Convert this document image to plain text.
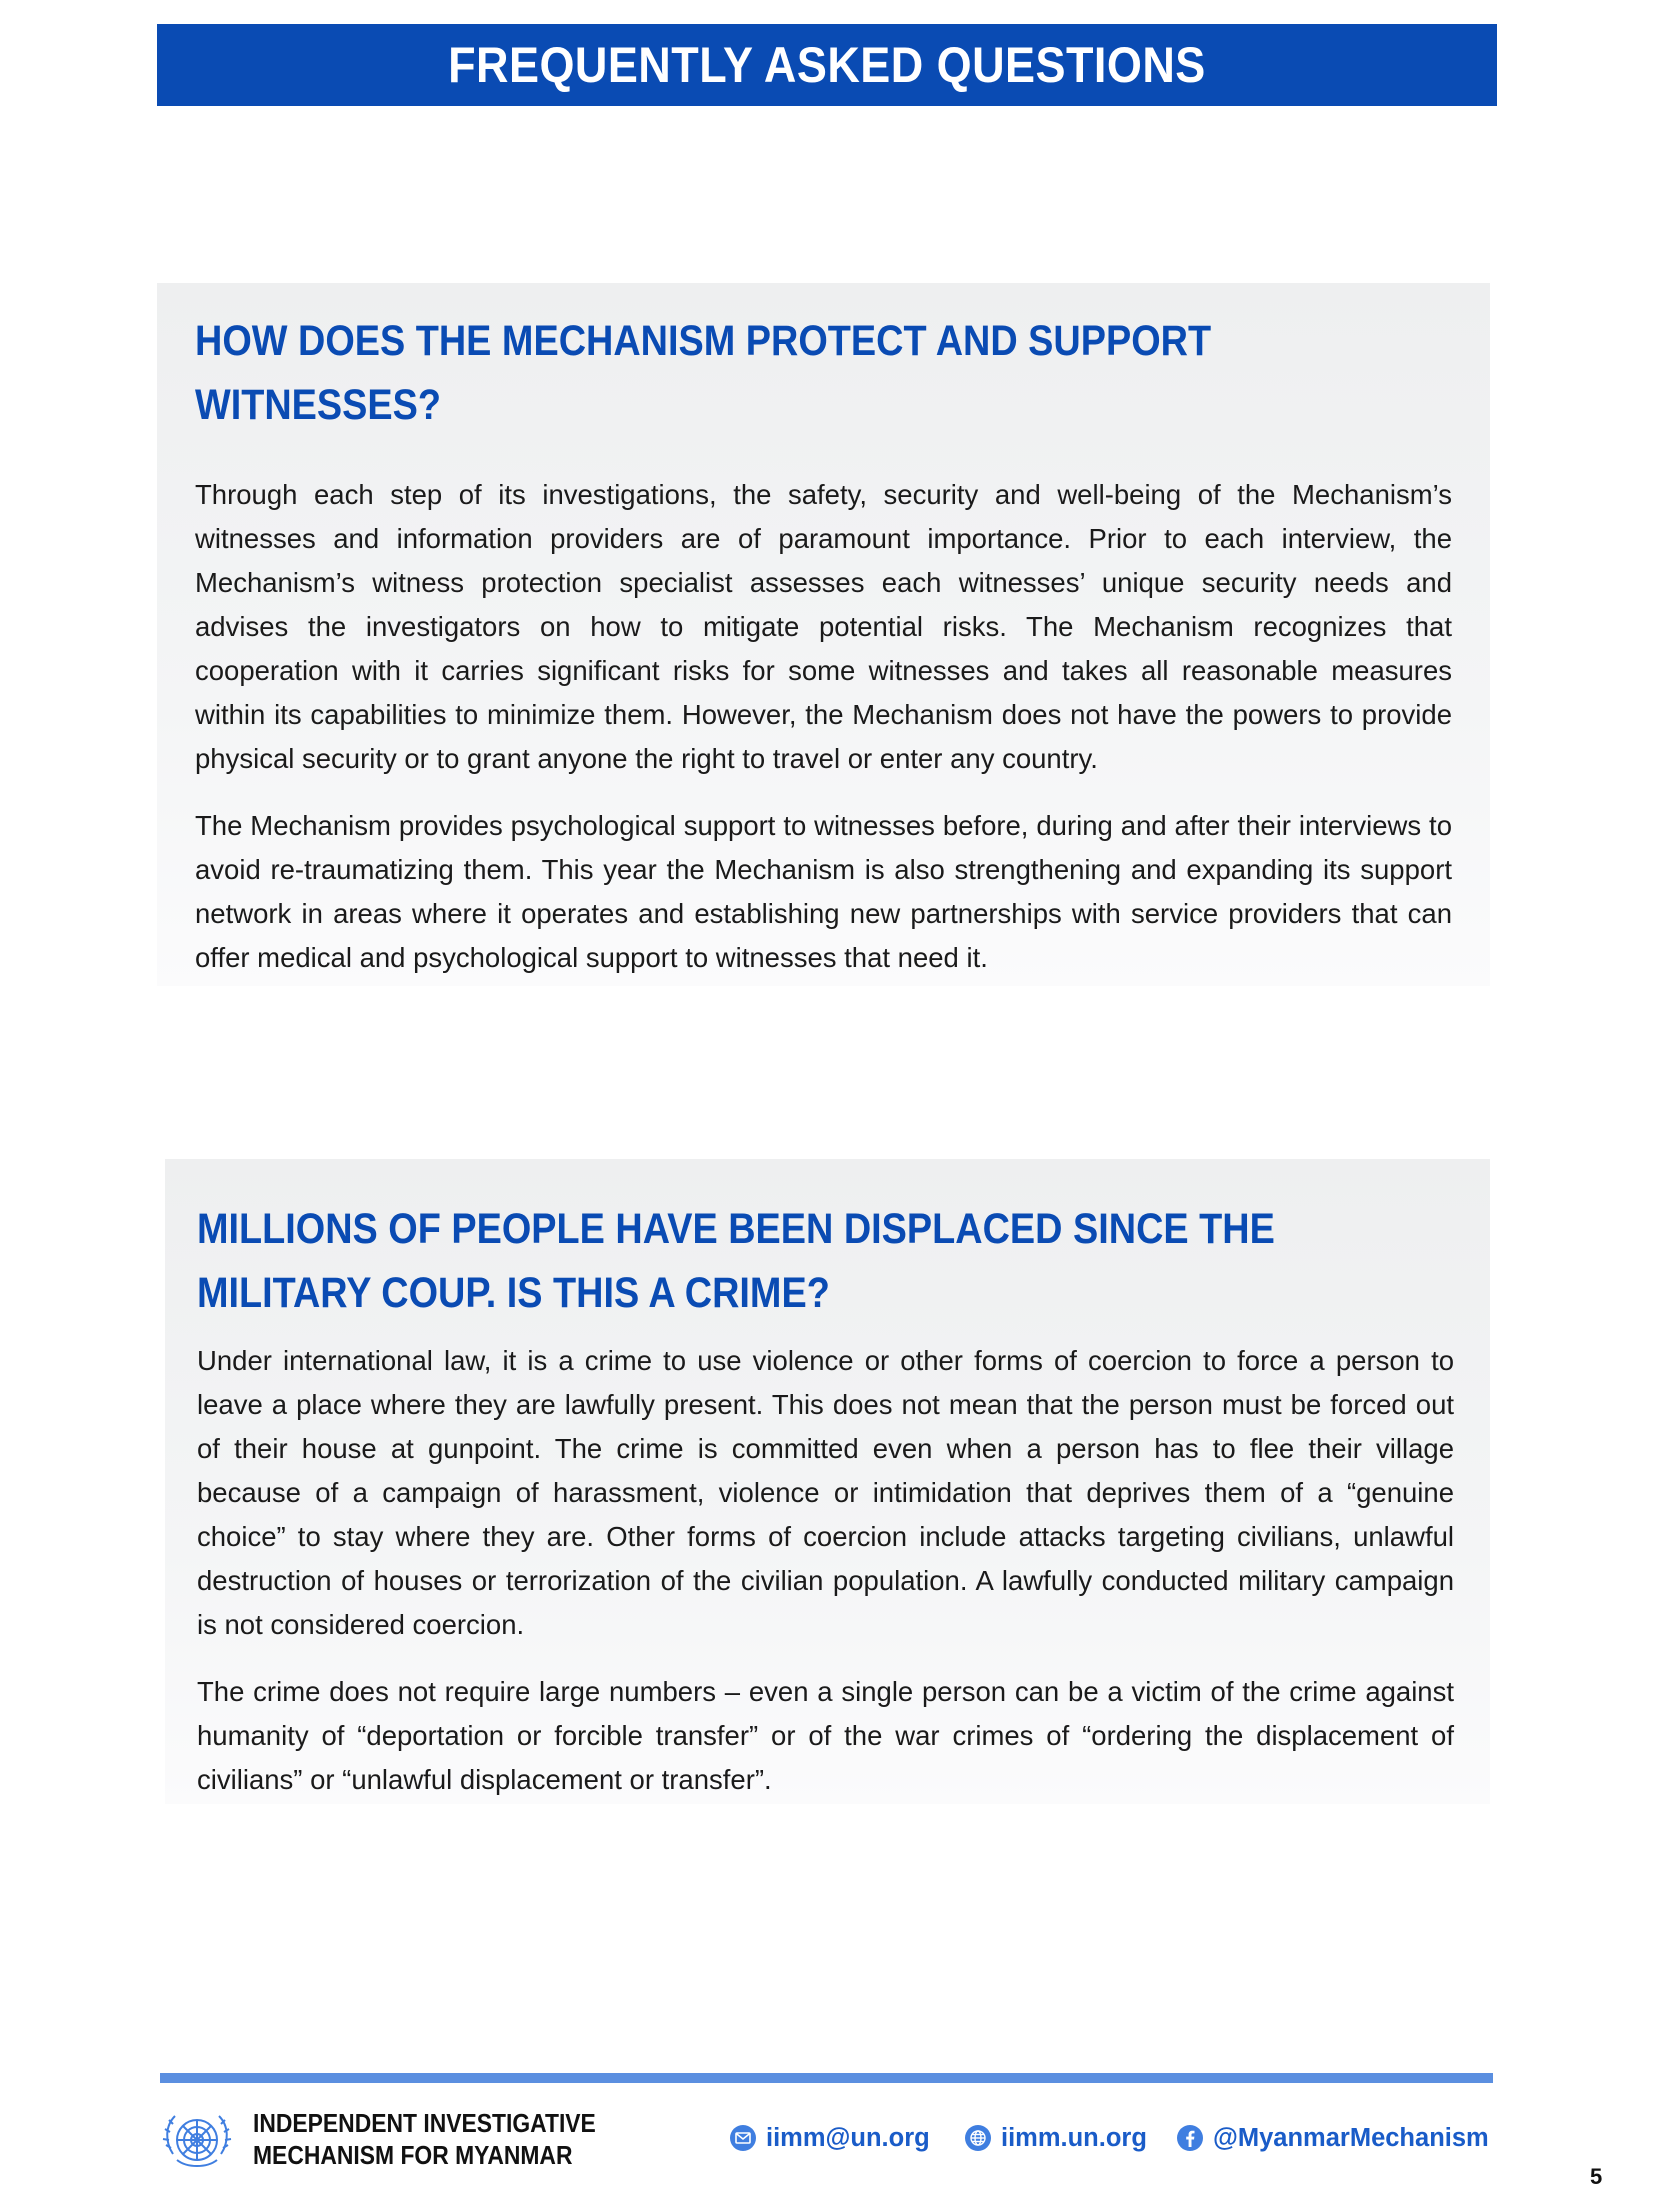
FREQUENTLY ASKED QUESTIONS
HOW DOES THE MECHANISM PROTECT AND SUPPORT WITNESSES?

Through each step of its investigations, the safety, security and well-being of the Mechanism’s witnesses and information providers are of paramount importance. Prior to each interview, the Mechanism’s witness protection specialist assesses each witnesses’ unique security needs and advises the investigators on how to mitigate potential risks. The Mechanism recognizes that cooperation with it carries significant risks for some witnesses and takes all reasonable measures within its capabilities to minimize them. However, the Mechanism does not have the powers to provide physical security or to grant anyone the right to travel or enter any country.

The Mechanism provides psychological support to witnesses before, during and after their interviews to avoid re-traumatizing them. This year the Mechanism is also strengthening and expanding its support network in areas where it operates and establishing new partnerships with service providers that can offer medical and psychological support to witnesses that need it.

MILLIONS OF PEOPLE HAVE BEEN DISPLACED SINCE THE MILITARY COUP. IS THIS A CRIME?

Under international law, it is a crime to use violence or other forms of coercion to force a person to leave a place where they are lawfully present. This does not mean that the person must be forced out of their house at gunpoint. The crime is committed even when a person has to flee their village because of a campaign of harassment, violence or intimidation that deprives them of a “genuine choice” to stay where they are. Other forms of coercion include attacks targeting civilians, unlawful destruction of houses or terrorization of the civilian population. A lawfully conducted military campaign is not considered coercion.

The crime does not require large numbers – even a single person can be a victim of the crime against humanity of “deportation or forcible transfer” or of the war crimes of “ordering the displacement of civilians” or “unlawful displacement or transfer”.

INDEPENDENT INVESTIGATIVE
MECHANISM FOR MYANMAR
iimm@un.org	iimm.un.org	@MyanmarMechanism
5
